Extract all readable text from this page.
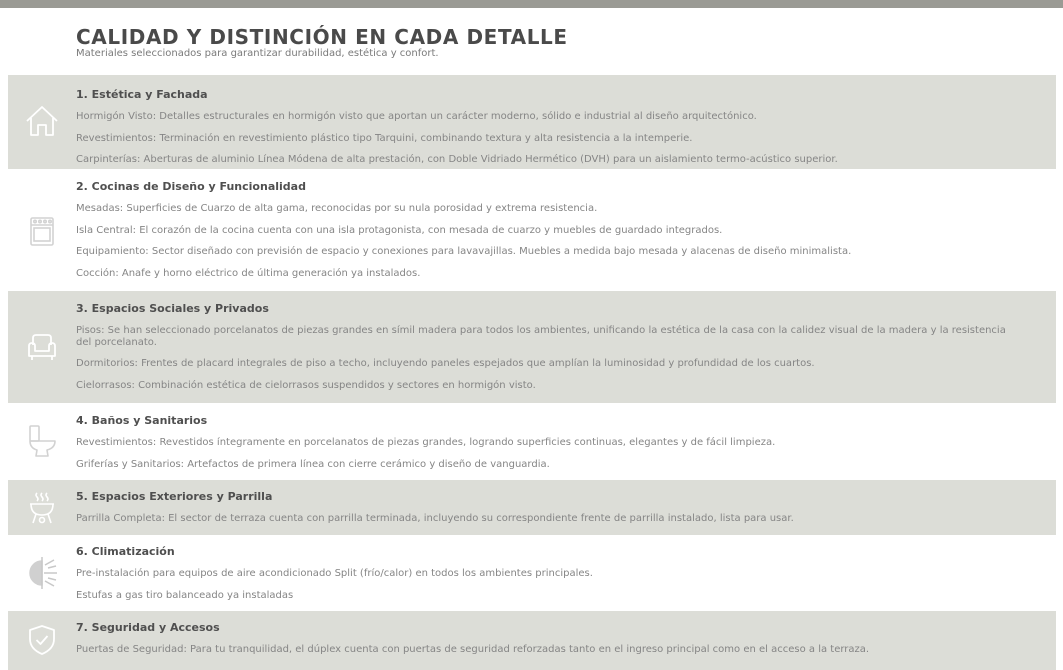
CALIDAD Y DISTINCIÓN EN CADA DETALLE
Materiales seleccionados para garantizar durabilidad, estética y confort.
1. Estética y Fachada
Hormigón Visto: Detalles estructurales en hormigón visto que aportan un carácter moderno, sólido e industrial al diseño arquitectónico.
Revestimientos: Terminación en revestimiento plástico tipo Tarquini, combinando textura y alta resistencia a la intemperie.
Carpinterías: Aberturas de aluminio Línea Módena de alta prestación, con Doble Vidriado Hermético (DVH) para un aislamiento termo-acústico superior.
2. Cocinas de Diseño y Funcionalidad
Mesadas: Superficies de Cuarzo de alta gama, reconocidas por su nula porosidad y extrema resistencia.
Isla Central: El corazón de la cocina cuenta con una isla protagonista, con mesada de cuarzo y muebles de guardado integrados.
Equipamiento: Sector diseñado con previsión de espacio y conexiones para lavavajillas. Muebles a medida bajo mesada y alacenas de diseño minimalista.
Cocción: Anafe y horno eléctrico de última generación ya instalados.
3. Espacios Sociales y Privados
Pisos: Se han seleccionado porcelanatos de piezas grandes en símil madera para todos los ambientes, unificando la estética de la casa con la calidez visual de la madera y la resistencia del porcelanato.
Dormitorios: Frentes de placard integrales de piso a techo, incluyendo paneles espejados que amplían la luminosidad y profundidad de los cuartos.
Cielorrasos: Combinación estética de cielorrasos suspendidos y sectores en hormigón visto.
4. Baños y Sanitarios
Revestimientos: Revestidos íntegramente en porcelanatos de piezas grandes, logrando superficies continuas, elegantes y de fácil limpieza.
Griferías y Sanitarios: Artefactos de primera línea con cierre cerámico y diseño de vanguardia.
5. Espacios Exteriores y Parrilla
Parrilla Completa: El sector de terraza cuenta con parrilla terminada, incluyendo su correspondiente frente de parrilla instalado, lista para usar.
6. Climatización
Pre-instalación para equipos de aire acondicionado Split (frío/calor) en todos los ambientes principales.
Estufas a gas tiro balanceado ya instaladas
7. Seguridad y Accesos
Puertas de Seguridad: Para tu tranquilidad, el dúplex cuenta con puertas de seguridad reforzadas tanto en el ingreso principal como en el acceso a la terraza.
